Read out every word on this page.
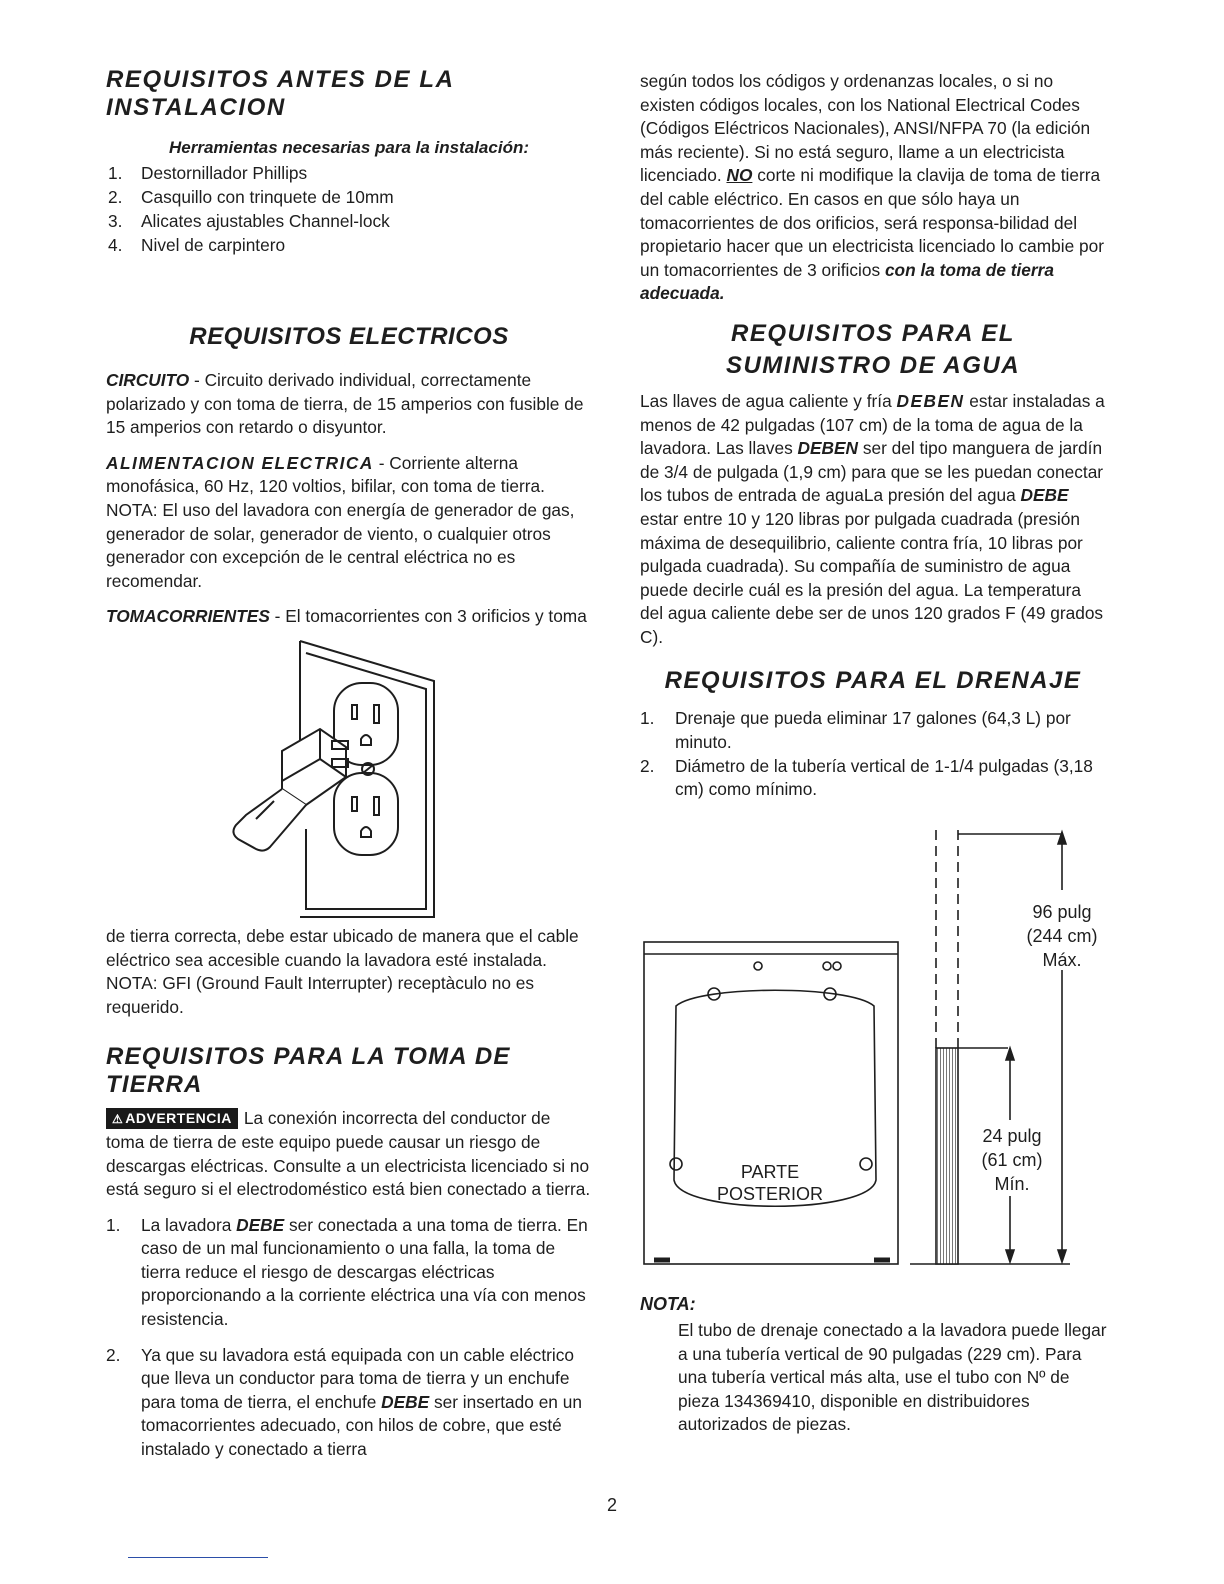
REQUISITOS ANTES DE LA INSTALACION
Herramientas necesarias para la instalación:
1. Destornillador Phillips
2. Casquillo con trinquete de 10mm
3. Alicates ajustables Channel-lock
4. Nivel de carpintero
REQUISITOS ELECTRICOS

CIRCUITO - Circuito derivado individual, correctamente polarizado y con toma de tierra, de 15 amperios con fusible de 15 amperios con retardo o disyuntor.

ALIMENTACION ELECTRICA - Corriente alterna monofásica, 60 Hz, 120 voltios, bifilar, con toma de tierra. NOTA: El uso del lavadora con energía de generador de gas, generador de solar, generador de viento, o cualquier otros generador con excepción de le central eléctrica no es recomendar.

TOMACORRIENTES - El tomacorrientes con 3 orificios y toma

de tierra correcta, debe estar ubicado de manera que el cable eléctrico sea accesible cuando la lavadora esté instalada. NOTA: GFI (Ground Fault Interrupter) receptàculo no es requerido.

REQUISITOS PARA LA TOMA DE TIERRA

⚠ ADVERTENCIA La conexión incorrecta del conductor de toma de tierra de este equipo puede causar un riesgo de descargas eléctricas. Consulte a un electricista licenciado si no está seguro si el electrodoméstico está bien conectado a tierra.

1. La lavadora DEBE ser conectada a una toma de tierra. En caso de un mal funcionamiento o una falla, la toma de tierra reduce el riesgo de descargas eléctricas proporcionando a la corriente eléctrica una vía con menos resistencia.
2. Ya que su lavadora está equipada con un cable eléctrico que lleva un conductor para toma de tierra y un enchufe para toma de tierra, el enchufe DEBE ser insertado en un tomacorrientes adecuado, con hilos de cobre, que esté instalado y conectado a tierra

según todos los códigos y ordenanzas locales, o si no existen códigos locales, con los National Electrical Codes (Códigos Eléctricos Nacionales), ANSI/NFPA 70 (la edición más reciente). Si no está seguro, llame a un electricista licenciado. NO corte ni modifique la clavija de toma de tierra del cable eléctrico. En casos en que sólo haya un tomacorrientes de dos orificios, será responsa-bilidad del propietario hacer que un electricista licenciado lo cambie por un tomacorrientes de 3 orificios con la toma de tierra adecuada.

REQUISITOS PARA EL
SUMINISTRO DE AGUA

Las llaves de agua caliente y fría DEBEN estar instaladas a menos de 42 pulgadas (107 cm) de la toma de agua de la lavadora. Las llaves DEBEN ser del tipo manguera de jardín de 3/4 de pulgada (1,9 cm) para que se les puedan conectar los tubos de entrada de aguaLa presión del agua DEBE estar entre 10 y 120 libras por pulgada cuadrada (presión máxima de desequilibrio, caliente contra fría, 10 libras por pulgada cuadrada). Su compañía de suministro de agua puede decirle cuál es la presión del agua. La temperatura del agua caliente debe ser de unos 120 grados F (49 grados C).

REQUISITOS PARA EL DRENAJE
1. Drenaje que pueda eliminar 17 galones (64,3 L) por minuto.
2. Diámetro de la tubería vertical de 1-1/4 pulgadas (3,18 cm) como mínimo.
96 pulg
(244 cm)
Máx.
24 pulg
(61 cm)
Mín.
PARTE
POSTERIOR
NOTA:

El tubo de drenaje conectado a la lavadora puede llegar a una tubería vertical de 90 pulgadas (229 cm). Para una tubería vertical más alta, use el tubo con Nº de pieza 134369410, disponible en distribuidores autorizados de piezas.

2
